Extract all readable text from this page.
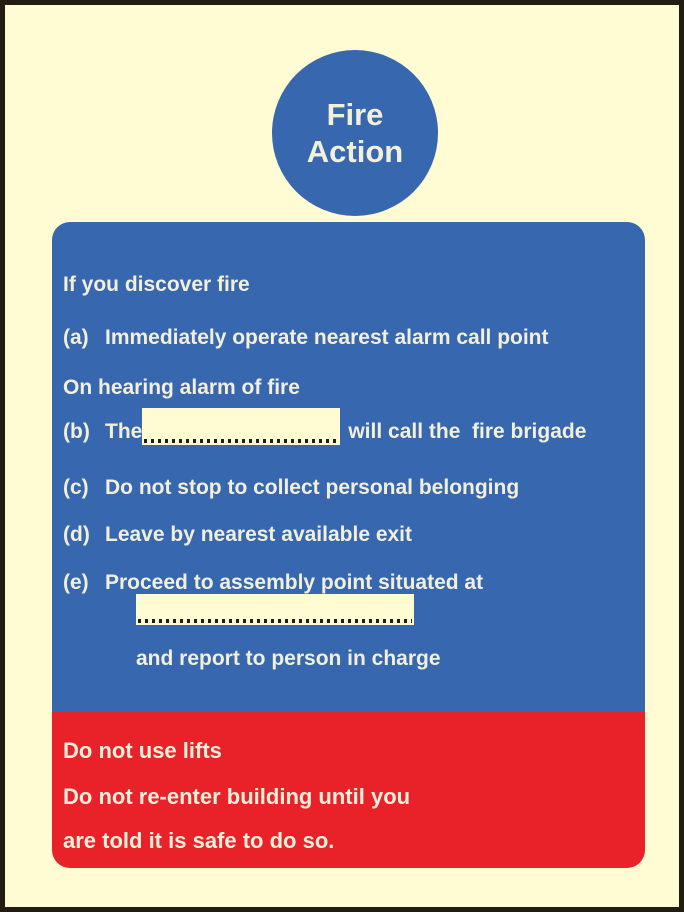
Fire
Action
If you discover fire
(a) Immediately operate nearest alarm call point
On hearing alarm of fire
(b) The	will call the  fire brigade
(c) Do not stop to collect personal belonging
(d) Leave by nearest available exit
(e) Proceed to assembly point situated at
and report to person in charge
Do not use lifts
Do not re-enter building until you
are told it is safe to do so.
